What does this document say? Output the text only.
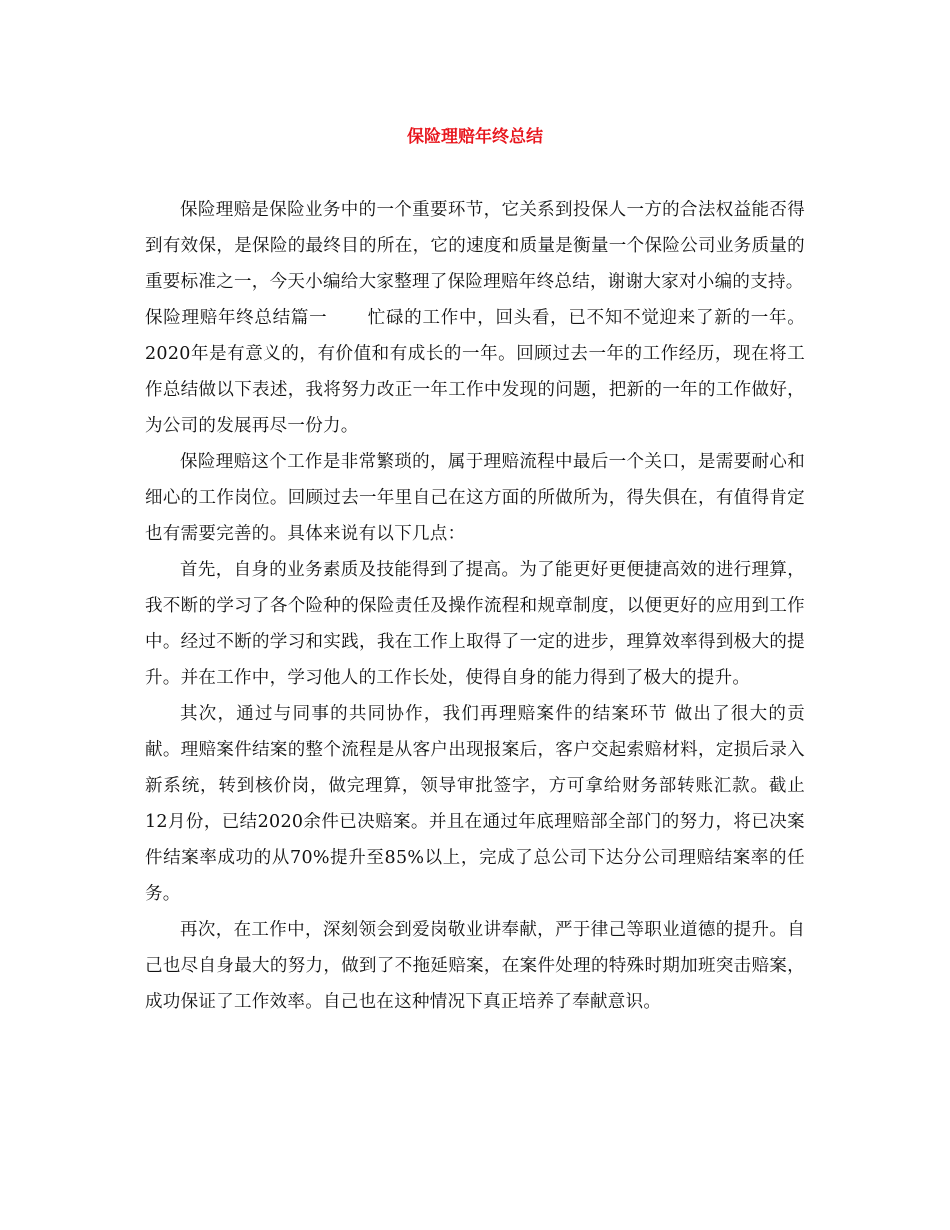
保险理赔年终总结

保险理赔是保险业务中的一个重要环节，它关系到投保人一方的合法权益能否得到有效保，是保险的最终目的所在，它的速度和质量是衡量一个保险公司业务质量的重要标准之一，今天小编给大家整理了保险理赔年终总结，谢谢大家对小编的支持。

保险理赔年终总结篇一 忙碌的工作中，回头看，已不知不觉迎来了新的一年。2020年是有意义的，有价值和有成长的一年。回顾过去一年的工作经历，现在将工作总结做以下表述，我将努力改正一年工作中发现的问题，把新的一年的工作做好，为公司的发展再尽一份力。

保险理赔这个工作是非常繁琐的，属于理赔流程中最后一个关口，是需要耐心和细心的工作岗位。回顾过去一年里自己在这方面的所做所为，得失俱在，有值得肯定也有需要完善的。具体来说有以下几点：

首先，自身的业务素质及技能得到了提高。为了能更好更便捷高效的进行理算，我不断的学习了各个险种的保险责任及操作流程和规章制度，以便更好的应用到工作中。经过不断的学习和实践，我在工作上取得了一定的进步，理算效率得到极大的提升。并在工作中，学习他人的工作长处，使得自身的能力得到了极大的提升。

其次，通过与同事的共同协作，我们再理赔案件的结案环节 做出了很大的贡献。理赔案件结案的整个流程是从客户出现报案后，客户交起索赔材料，定损后录入新系统，转到核价岗，做完理算，领导审批签字，方可拿给财务部转账汇款。截止12月份，已结2020余件已决赔案。并且在通过年底理赔部全部门的努力，将已决案件结案率成功的从70%提升至85%以上，完成了总公司下达分公司理赔结案率的任务。

再次，在工作中，深刻领会到爱岗敬业讲奉献，严于律己等职业道德的提升。自己也尽自身最大的努力，做到了不拖延赔案，在案件处理的特殊时期加班突击赔案，成功保证了工作效率。自己也在这种情况下真正培养了奉献意识。
